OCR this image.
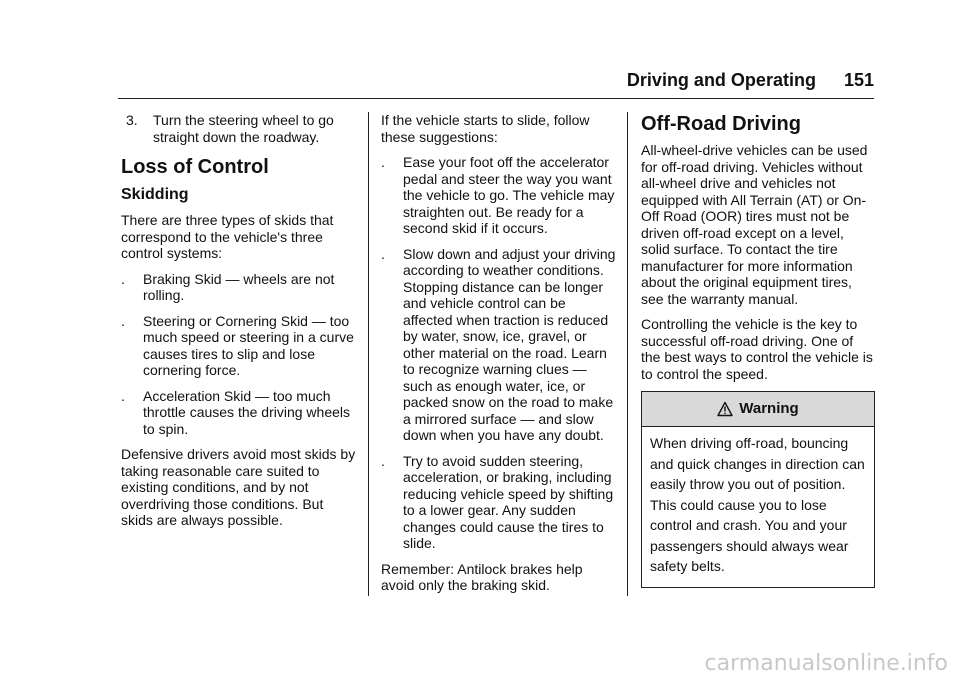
Driving and Operating 151
3.	Turn the steering wheel to go straight down the roadway.
Loss of Control
Skidding

There are three types of skids that correspond to the vehicle's three control systems:

.	Braking Skid — wheels are not rolling.
.	Steering or Cornering Skid — too much speed or steering in a curve causes tires to slip and lose cornering force.
.	Acceleration Skid — too much throttle causes the driving wheels to spin.

Defensive drivers avoid most skids by taking reasonable care suited to existing conditions, and by not overdriving those conditions. But skids are always possible.

If the vehicle starts to slide, follow these suggestions:

.	Ease your foot off the accelerator pedal and steer the way you want the vehicle to go. The vehicle may straighten out. Be ready for a second skid if it occurs.
.	Slow down and adjust your driving according to weather conditions. Stopping distance can be longer and vehicle control can be affected when traction is reduced by water, snow, ice, gravel, or other material on the road. Learn to recognize warning clues — such as enough water, ice, or packed snow on the road to make a mirrored surface — and slow down when you have any doubt.
.	Try to avoid sudden steering, acceleration, or braking, including reducing vehicle speed by shifting to a lower gear. Any sudden changes could cause the tires to slide.

Remember: Antilock brakes help avoid only the braking skid.

Off-Road Driving

All-wheel-drive vehicles can be used for off-road driving. Vehicles without all-wheel drive and vehicles not equipped with All Terrain (AT) or On-Off Road (OOR) tires must not be driven off-road except on a level, solid surface. To contact the tire manufacturer for more information about the original equipment tires, see the warranty manual.

Controlling the vehicle is the key to successful off-road driving. One of the best ways to control the vehicle is to control the speed.

Warning
When driving off-road, bouncing and quick changes in direction can easily throw you out of position. This could cause you to lose control and crash. You and your passengers should always wear safety belts.
carmanualsonline.info
